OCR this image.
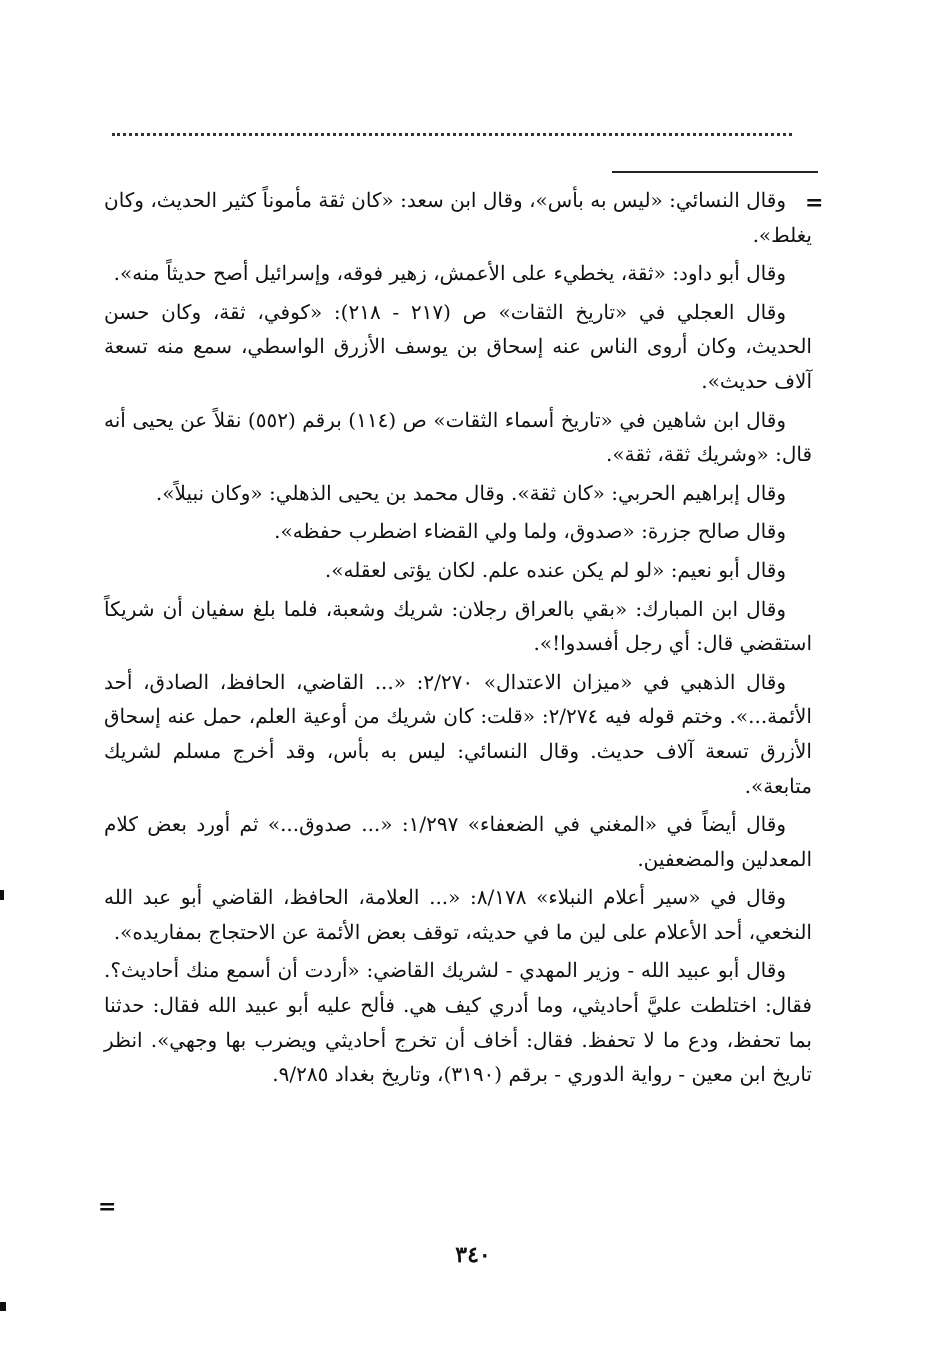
=

وقال النسائي: «ليس به بأس»، وقال ابن سعد: «كان ثقة مأموناً كثير الحديث، وكان يغلط».

وقال أبو داود: «ثقة، يخطيء على الأعمش، زهير فوقه، وإسرائيل أصح حديثاً منه».

وقال العجلي في «تاريخ الثقات» ص (٢١٧ - ٢١٨): «كوفي، ثقة، وكان حسن الحديث، وكان أروى الناس عنه إسحاق بن يوسف الأزرق الواسطي، سمع منه تسعة آلاف حديث».

وقال ابن شاهين في «تاريخ أسماء الثقات» ص (١١٤) برقم (٥٥٢) نقلاً عن يحيى أنه قال: «وشريك ثقة، ثقة».

وقال إبراهيم الحربي: «كان ثقة». وقال محمد بن يحيى الذهلي: «وكان نبيلاً».

وقال صالح جزرة: «صدوق، ولما ولي القضاء اضطرب حفظه».

وقال أبو نعيم: «لو لم يكن عنده علم. لكان يؤتى لعقله».

وقال ابن المبارك: «بقي بالعراق رجلان: شريك وشعبة، فلما بلغ سفيان أن شريكاً استقضي قال: أي رجل أفسدوا!».

وقال الذهبي في «ميزان الاعتدال» ٢/٢٧٠: «... القاضي، الحافظ، الصادق، أحد الأئمة...». وختم قوله فيه ٢/٢٧٤: «قلت: كان شريك من أوعية العلم، حمل عنه إسحاق الأزرق تسعة آلاف حديث. وقال النسائي: ليس به بأس، وقد أخرج مسلم لشريك متابعة».

وقال أيضاً في «المغني في الضعفاء» ١/٢٩٧: «... صدوق...» ثم أورد بعض كلام المعدلين والمضعفين.

وقال في «سير أعلام النبلاء» ٨/١٧٨: «... العلامة، الحافظ، القاضي أبو عبد الله النخعي، أحد الأعلام على لين ما في حديثه، توقف بعض الأئمة عن الاحتجاج بمفاريده».

وقال أبو عبيد الله - وزير المهدي - لشريك القاضي: «أردت أن أسمع منك أحاديث؟. فقال: اختلطت عليَّ أحاديثي، وما أدري كيف هي. فألح عليه أبو عبيد الله فقال: حدثنا بما تحفظ، ودع ما لا تحفظ. فقال: أخاف أن تخرج أحاديثي ويضرب بها وجهي». انظر تاريخ ابن معين - رواية الدوري - برقم (٣١٩٠)، وتاريخ بغداد ٩/٢٨٥.

=
٣٤٠
